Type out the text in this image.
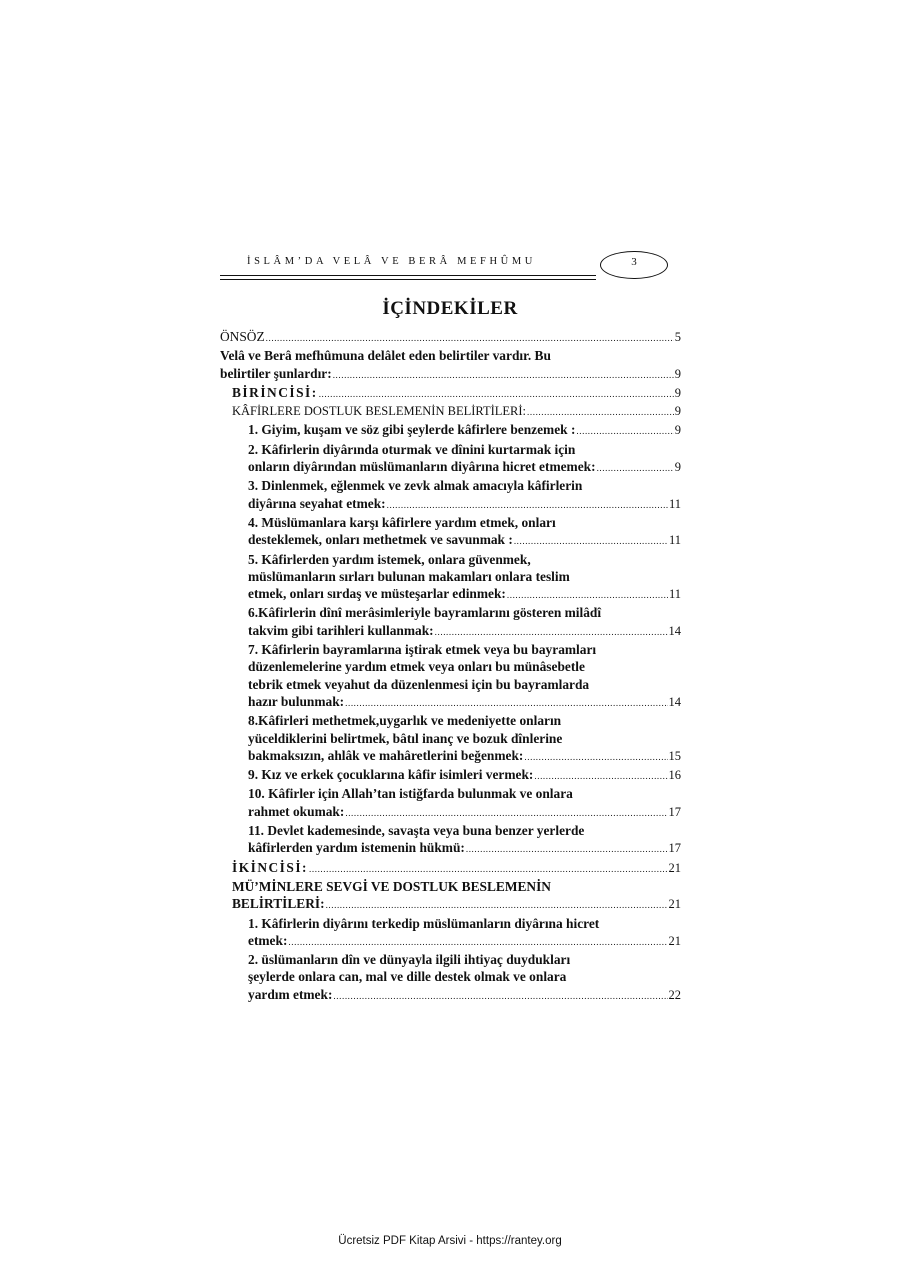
İSLÂM’DA VELÂ VE BERÂ MEFHÛMU	3
İÇİNDEKİLER
ÖNSÖZ .....	5
Velâ ve Berâ mefhûmuna delâlet eden belirtiler vardır. Bu
belirtiler şunlardır: .....	9
BİRİNCİSİ: .....	9
KÂFİRLERE DOSTLUK BESLEMENİN BELİRTİLERİ: .....	9
1. Giyim, kuşam ve söz gibi şeylerde kâfirlere benzemek : .....	9
2. Kâfirlerin diyârında oturmak ve dînini kurtarmak için
onların diyârından müslümanların diyârına hicret etmemek: .....	9
3. Dinlenmek, eğlenmek ve zevk almak amacıyla kâfirlerin
diyârına seyahat etmek: .....	11
4. Müslümanlara karşı kâfirlere yardım etmek, onları
desteklemek, onları methetmek ve savunmak : .....	11
5. Kâfirlerden yardım istemek, onlara güvenmek,
müslümanların sırları bulunan makamları onlara teslim
etmek, onları sırdaş ve müsteşarlar edinmek: .....	11
6.Kâfirlerin dînî merâsimleriyle bayramlarını gösteren milâdî
takvim gibi tarihleri kullanmak: .....	14
7. Kâfirlerin bayramlarına iştirak etmek veya bu bayramları
düzenlemelerine yardım etmek veya onları bu münâsebetle
tebrik etmek veyahut da düzenlenmesi için bu bayramlarda
hazır bulunmak: .....	14
8.Kâfirleri methetmek,uygarlık ve medeniyette onların
yüceldiklerini belirtmek, bâtıl inanç ve bozuk dînlerine
bakmaksızın, ahlâk ve mahâretlerini beğenmek: .....	15
9. Kız ve erkek çocuklarına kâfir isimleri vermek: .....	16
10. Kâfirler için Allah’tan istiğfarda bulunmak ve onlara
rahmet okumak: .....	17
11. Devlet kademesinde, savaşta veya buna benzer yerlerde
kâfirlerden yardım istemenin hükmü: .....	17
İKİNCİSİ: .....	21
MÜ’MİNLERE SEVGİ VE DOSTLUK BESLEMENİN
BELİRTİLERİ: .....	21
1. Kâfirlerin diyârını terkedip müslümanların diyârına hicret
etmek: .....	21
2. üslümanların dîn ve dünyayla ilgili ihtiyaç duydukları
şeylerde onlara can, mal ve dille destek olmak ve onlara
yardım etmek: .....	22
Ücretsiz PDF Kitap Arsivi - https://rantey.org
